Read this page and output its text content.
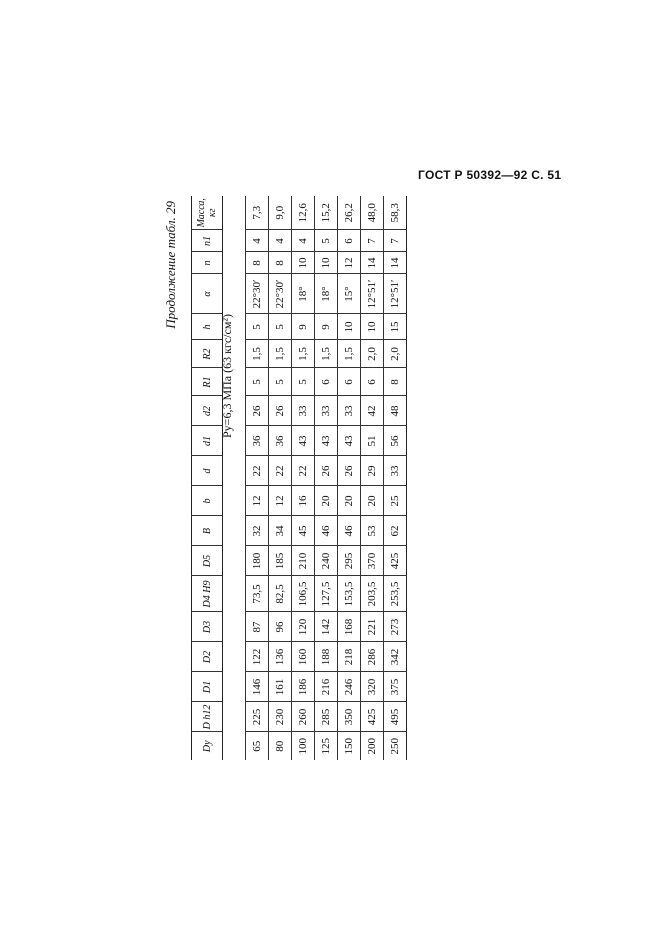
ГОСТ Р 50392—92 С. 51
Продолжение табл. 29
Pу=6,3 МПа (63 кгс/см²)
Dу	D h12	D1	D2	D3	D4 H9	D5	B	b	d	d1	d2	R1	R2	h	α	n	n1	Масса, кг

65	225	146	122	87	73,5	180	32	12	22	36	26	5	1,5	5	22°30′	8	4	7,3
80	230	161	136	96	82,5	185	34	12	22	36	26	5	1,5	5	22°30′	8	4	9,0
100	260	186	160	120	106,5	210	45	16	22	43	33	5	1,5	9	18°	10	4	12,6
125	285	216	188	142	127,5	240	46	20	26	43	33	6	1,5	9	18°	10	5	15,2
150	350	246	218	168	153,5	295	46	20	26	43	33	6	1,5	10	15°	12	6	26,2
200	425	320	286	221	203,5	370	53	20	29	51	42	6	2,0	10	12°51′	14	7	48,0
250	495	375	342	273	253,5	425	62	25	33	56	48	8	2,0	15	12°51′	14	7	58,3
